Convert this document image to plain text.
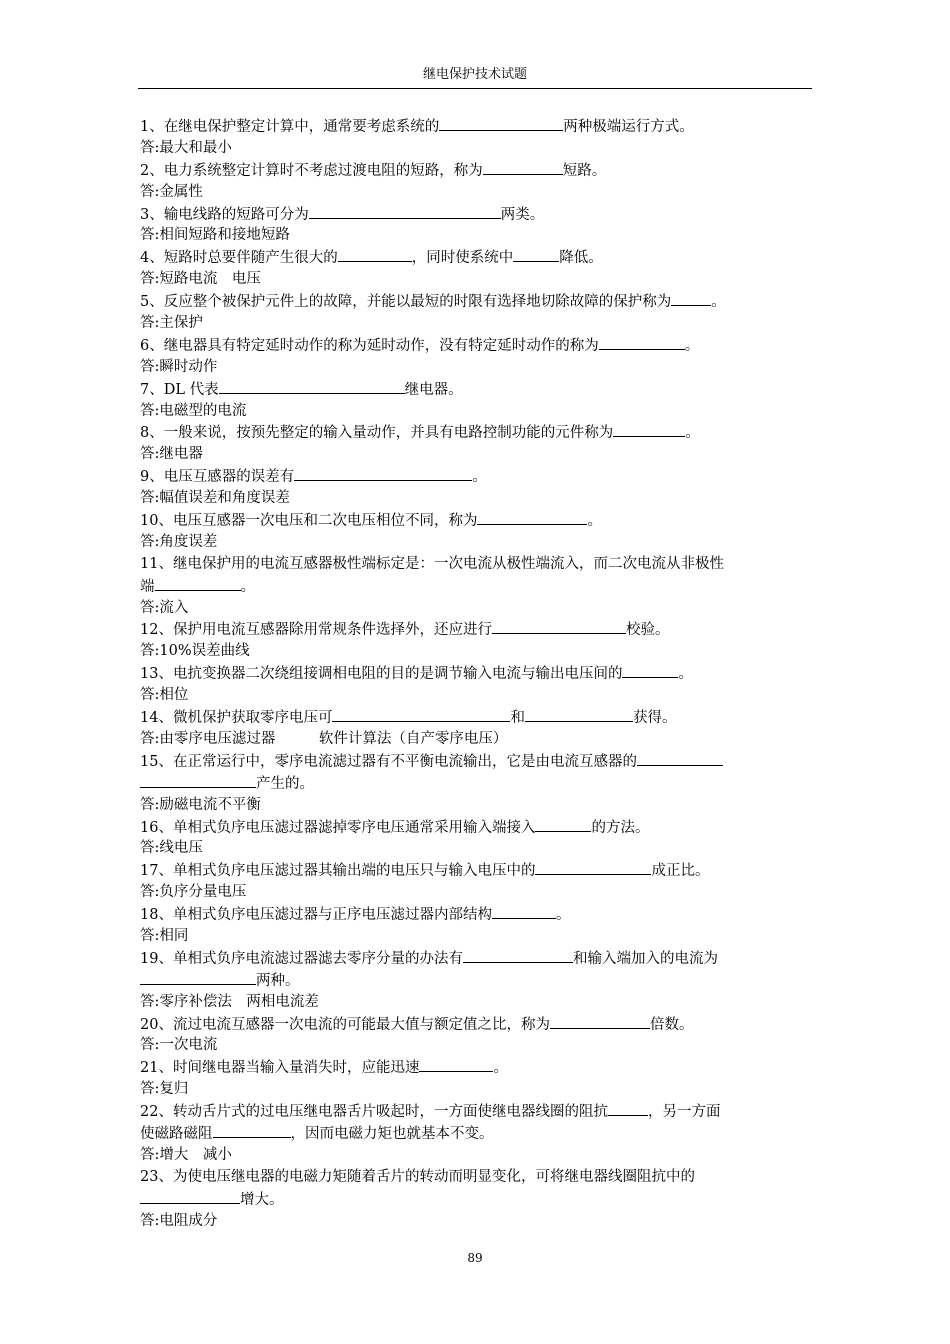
继电保护技术试题
1、在继电保护整定计算中，通常要考虑系统的	两种极端运行方式。
答:最大和最小
2、电力系统整定计算时不考虑过渡电阻的短路，称为	短路。
答:金属性
3、输电线路的短路可分为	两类。
答:相间短路和接地短路
4、短路时总要伴随产生很大的	，同时使系统中	降低。
答:短路电流　电压
5、反应整个被保护元件上的故障，并能以最短的时限有选择地切除故障的保护称为	。
答:主保护
6、继电器具有特定延时动作的称为延时动作，没有特定延时动作的称为	。
答:瞬时动作
7、DL 代表	继电器。
答:电磁型的电流
8、一般来说，按预先整定的输入量动作，并具有电路控制功能的元件称为	。
答:继电器
9、电压互感器的误差有	。
答:幅值误差和角度误差
10、电压互感器一次电压和二次电压相位不同，称为	。
答:角度误差
11、继电保护用的电流互感器极性端标定是：一次电流从极性端流入，而二次电流从非极性
端	。
答:流入
12、保护用电流互感器除用常规条件选择外，还应进行	校验。
答:10%误差曲线
13、电抗变换器二次绕组接调相电阻的目的是调节输入电流与输出电压间的	。
答:相位
14、微机保护获取零序电压可	和	获得。
答:由零序电压滤过器　　　软件计算法（自产零序电压）
15、在正常运行中，零序电流滤过器有不平衡电流输出，它是由电流互感器的
产生的。
答:励磁电流不平衡
16、单相式负序电压滤过器滤掉零序电压通常采用输入端接入	的方法。
答:线电压
17、单相式负序电压滤过器其输出端的电压只与输入电压中的	成正比。
答:负序分量电压
18、单相式负序电压滤过器与正序电压滤过器内部结构	。
答:相同
19、单相式负序电流滤过器滤去零序分量的办法有	和输入端加入的电流为
两种。
答:零序补偿法　两相电流差
20、流过电流互感器一次电流的可能最大值与额定值之比，称为	倍数。
答:一次电流
21、时间继电器当输入量消失时，应能迅速	。
答:复归
22、转动舌片式的过电压继电器舌片吸起时，一方面使继电器线圈的阻抗	，另一方面
使磁路磁阻	，因而电磁力矩也就基本不变。
答:增大　减小
23、为使电压继电器的电磁力矩随着舌片的转动而明显变化，可将继电器线圈阻抗中的
增大。
答:电阻成分
89
